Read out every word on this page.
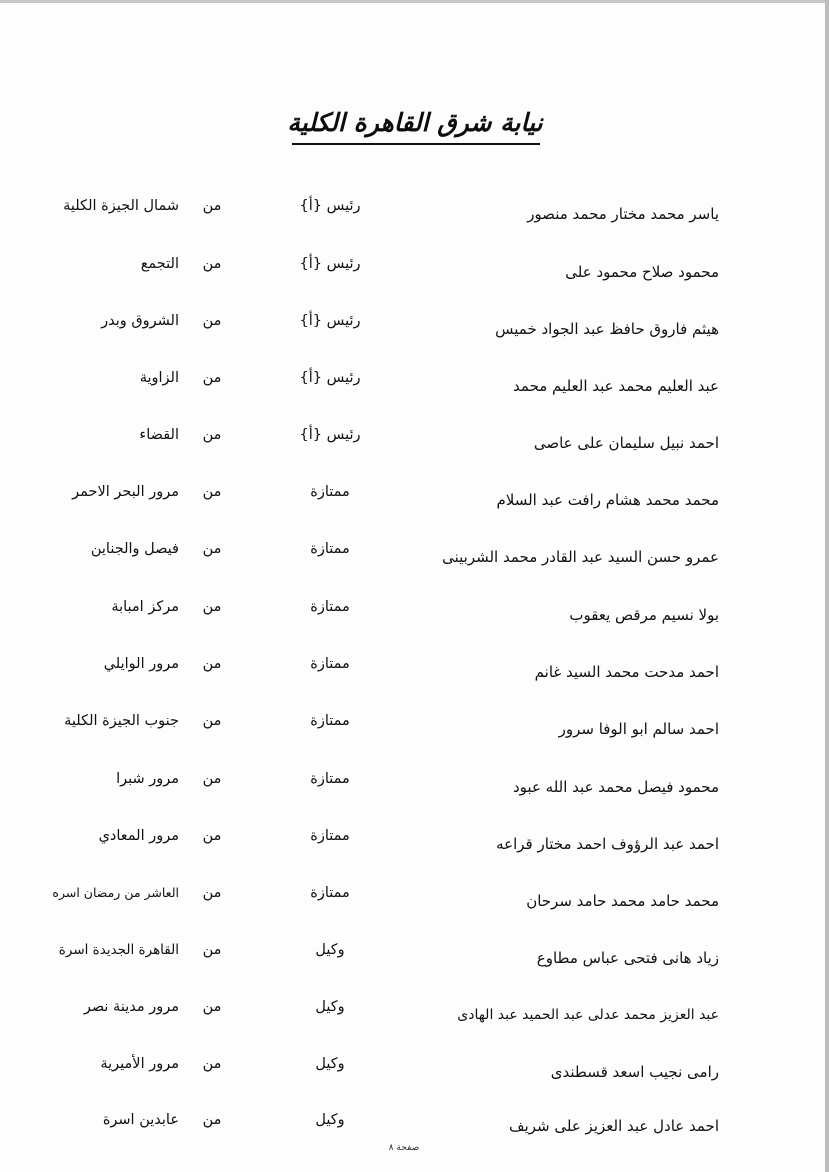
نيابة شرق القاهرة الكلية
ياسر محمد مختار محمد منصور
رئيس {أ}
من
شمال الجيزة الكلية
محمود صلاح محمود على
رئيس {أ}
من
التجمع
هيثم فاروق حافظ عبد الجواد خميس
رئيس {أ}
من
الشروق وبدر
عبد العليم محمد عبد العليم محمد
رئيس {أ}
من
الزاوية
احمد نبيل سليمان على عاصى
رئيس {أ}
من
القضاء
محمد محمد هشام رافت عبد السلام
ممتازة
من
مرور البحر الاحمر
عمرو حسن السيد عبد القادر محمد الشربينى
ممتازة
من
فيصل والجناين
بولا نسيم مرقص يعقوب
ممتازة
من
مركز امبابة
احمد مدحت محمد السيد غانم
ممتازة
من
مرور الوايلي
احمد سالم ابو الوفا سرور
ممتازة
من
جنوب الجيزة الكلية
محمود فيصل محمد عبد الله عبود
ممتازة
من
مرور شبرا
احمد عبد الرؤوف احمد مختار قراعه
ممتازة
من
مرور المعادي
محمد حامد محمد حامد سرحان
ممتازة
من
العاشر من رمضان اسره
زياد هانى فتحى عباس مطاوع
وكيل
من
القاهرة الجديدة اسرة
عبد العزيز محمد عدلى عبد الحميد عبد الهادى
وكيل
من
مرور مدينة نصر
رامى نجيب اسعد قسطندى
وكيل
من
مرور الأميرية
احمد عادل عبد العزيز على شريف
وكيل
من
عابدين اسرة
صفحة ٨
